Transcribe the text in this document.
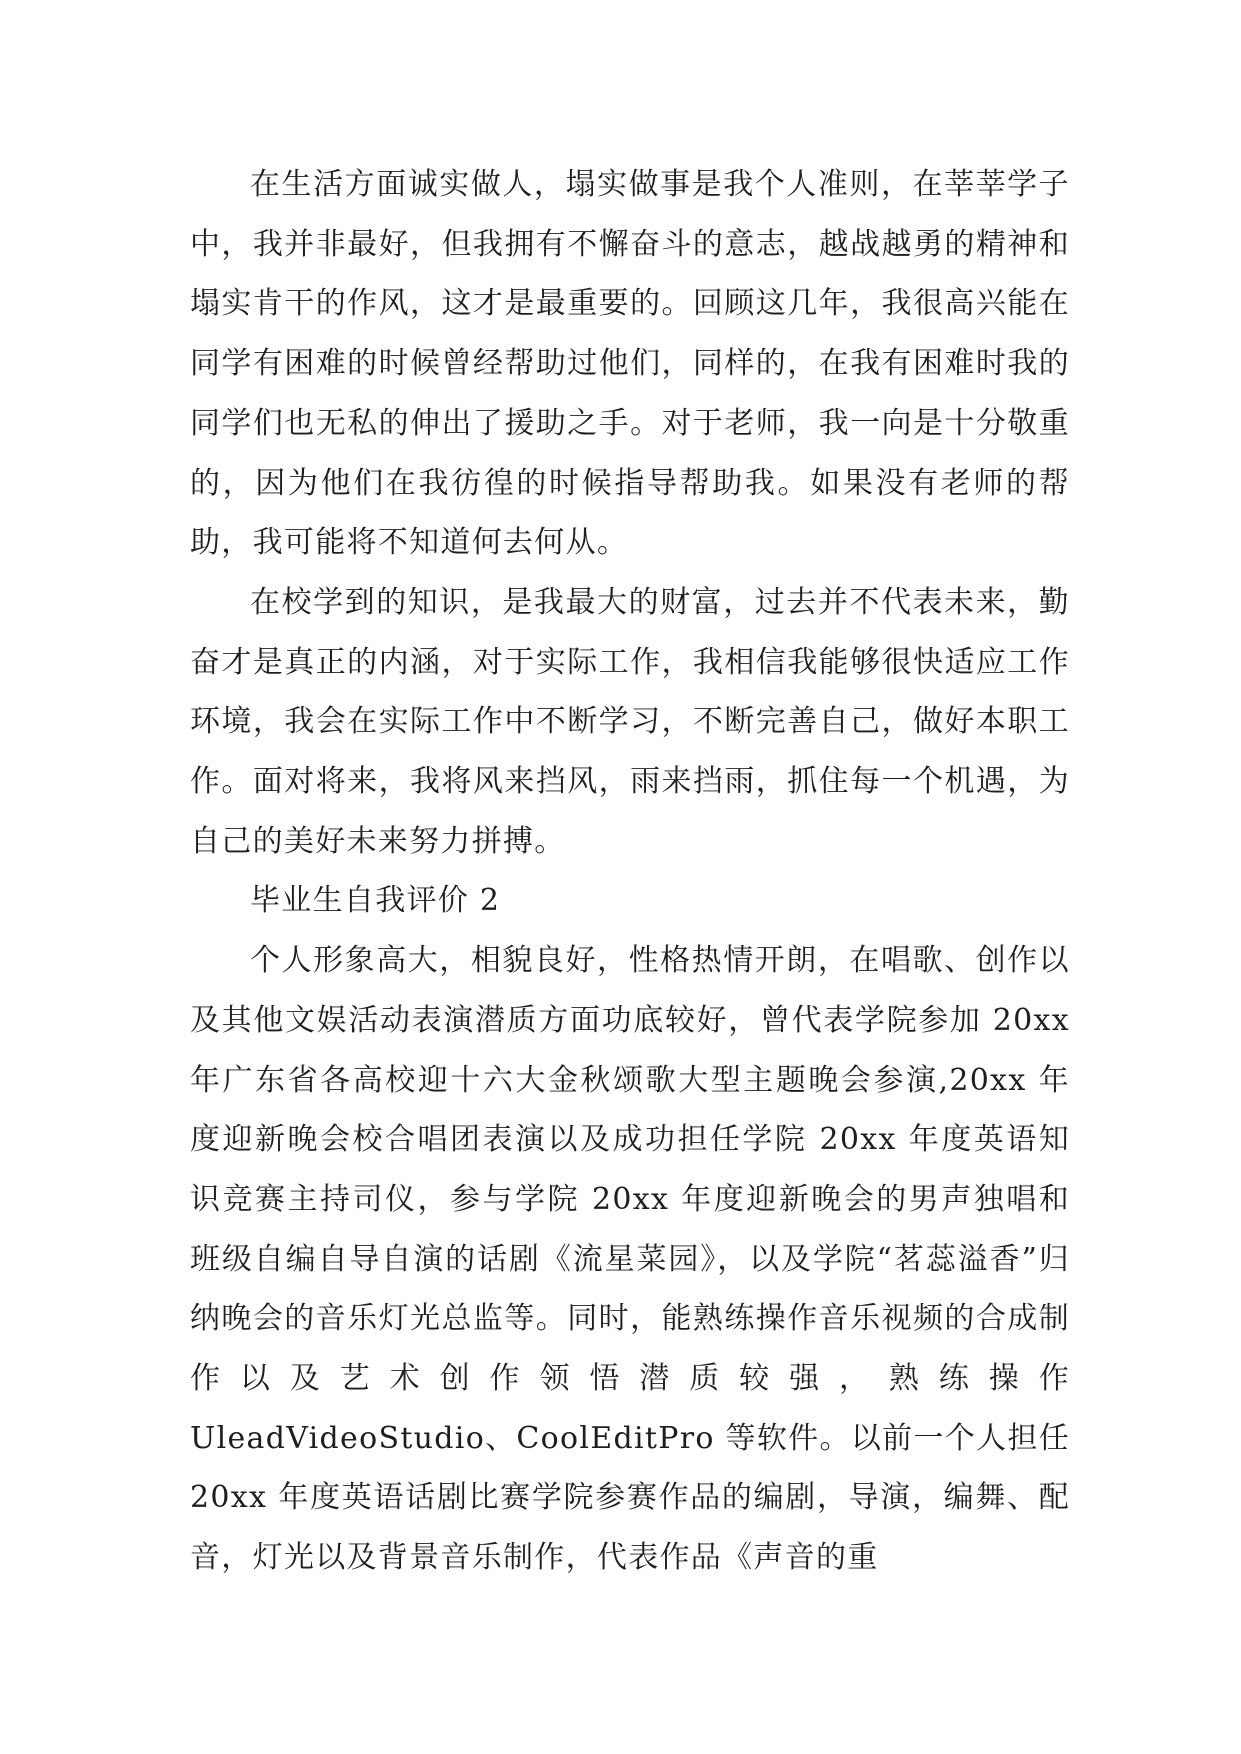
在生活方面诚实做人，塌实做事是我个人准则，在莘莘学子中，我并非最好，但我拥有不懈奋斗的意志，越战越勇的精神和塌实肯干的作风，这才是最重要的。回顾这几年，我很高兴能在同学有困难的时候曾经帮助过他们，同样的，在我有困难时我的同学们也无私的伸出了援助之手。对于老师，我一向是十分敬重的，因为他们在我彷徨的时候指导帮助我。如果没有老师的帮助，我可能将不知道何去何从。

在校学到的知识，是我最大的财富，过去并不代表未来，勤奋才是真正的内涵，对于实际工作，我相信我能够很快适应工作环境，我会在实际工作中不断学习，不断完善自己，做好本职工作。面对将来，我将风来挡风，雨来挡雨，抓住每一个机遇，为自己的美好未来努力拼搏。

毕业生自我评价 2

个人形象高大，相貌良好，性格热情开朗，在唱歌、创作以及其他文娱活动表演潜质方面功底较好，曾代表学院参加 20xx 年广东省各高校迎十六大金秋颂歌大型主题晚会参演,20xx 年度迎新晚会校合唱团表演以及成功担任学院 20xx 年度英语知识竞赛主持司仪，参与学院 20xx 年度迎新晚会的男声独唱和班级自编自导自演的话剧《流星菜园》，以及学院“茗蕊溢香”归纳晚会的音乐灯光总监等。同时，能熟练操作音乐视频的合成制作以及艺术创作领悟潜质较强，熟练操作 UleadVideoStudio、CoolEditPro 等软件。以前一个人担任 20xx 年度英语话剧比赛学院参赛作品的编剧，导演，编舞、配音，灯光以及背景音乐制作，代表作品《声音的重
